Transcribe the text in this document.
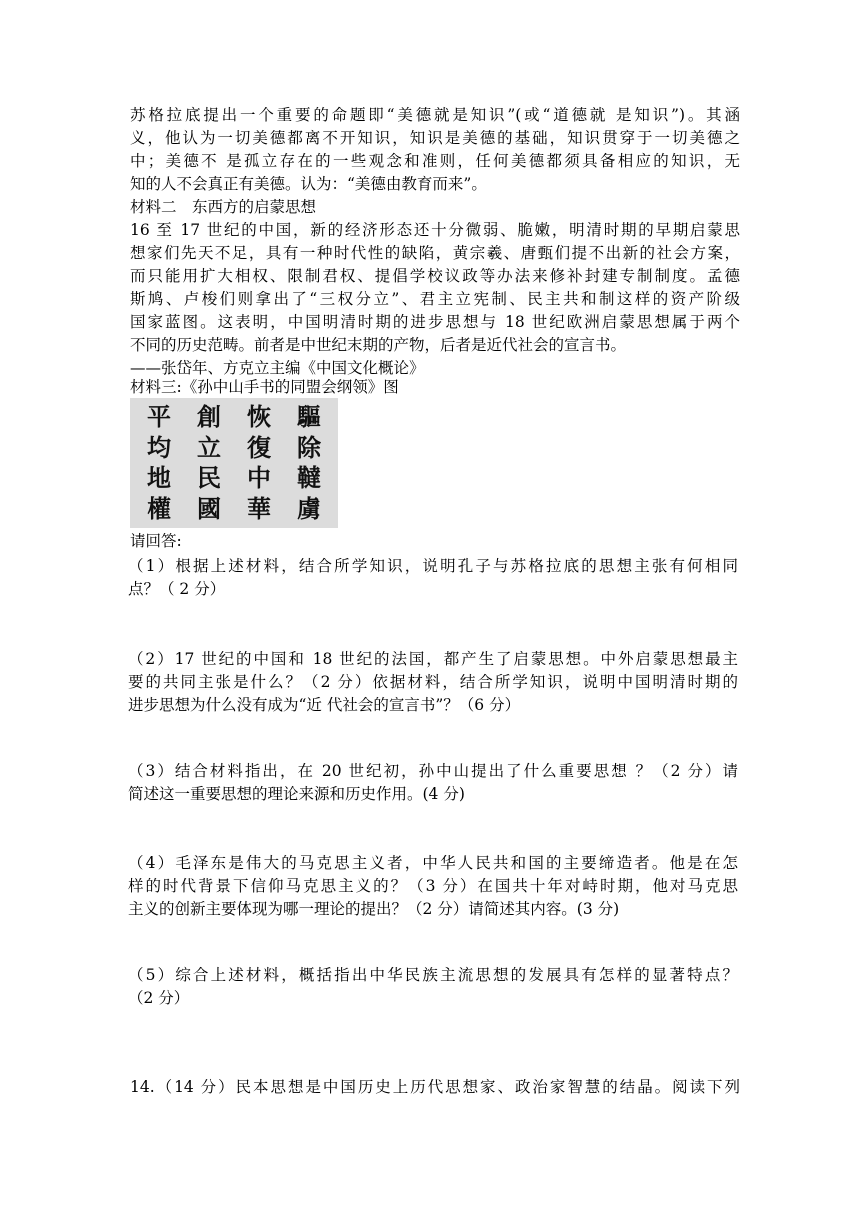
苏格拉底提出一个重要的命题即“美德就是知识”(或“道德就 是知识”)。其涵
义，他认为一切美德都离不开知识，知识是美德的基础，知识贯穿于一切美德之
中；美德不 是孤立存在的一些观念和准则，任何美德都须具备相应的知识，无
知的人不会真正有美德。认为：“美德由教育而来”。
材料二　东西方的启蒙思想
16 至 17 世纪的中国，新的经济形态还十分微弱、脆嫩，明清时期的早期启蒙思
想家们先天不足，具有一种时代性的缺陷，黄宗羲、唐甄们提不出新的社会方案，
而只能用扩大相权、限制君权、提倡学校议政等办法来修补封建专制制度。孟德
斯鸠、卢梭们则拿出了“三权分立”、君主立宪制、民主共和制这样的资产阶级
国家蓝图。这表明，中国明清时期的进步思想与 18 世纪欧洲启蒙思想属于两个
不同的历史范畴。前者是中世纪末期的产物，后者是近代社会的宣言书。
——张岱年、方克立主编《中国文化概论》
材料三:《孙中山手书的同盟会纲领》图
平
均
地
權
創
立
民
國
恢
復
中
華
驅
除
韃
虜
请回答:
（1）根据上述材料，结合所学知识，说明孔子与苏格拉底的思想主张有何相同
点？（ 2 分）
（2）17 世纪的中国和 18 世纪的法国，都产生了启蒙思想。中外启蒙思想最主
要的共同主张是什么？（2 分）依据材料，结合所学知识，说明中国明清时期的
进步思想为什么没有成为“近 代社会的宣言书”？（6 分）
（3）结合材料指出，在 20 世纪初，孙中山提出了什么重要思想 ？（2 分）请
简述这一重要思想的理论来源和历史作用。(4 分)
（4）毛泽东是伟大的马克思主义者，中华人民共和国的主要缔造者。他是在怎
样的时代背景下信仰马克思主义的？（3 分）在国共十年对峙时期，他对马克思
主义的创新主要体现为哪一理论的提出？（2 分）请简述其内容。(3 分)
（5）综合上述材料，概括指出中华民族主流思想的发展具有怎样的显著特点？
（2 分）
14.（14 分）民本思想是中国历史上历代思想家、政治家智慧的结晶。阅读下列
